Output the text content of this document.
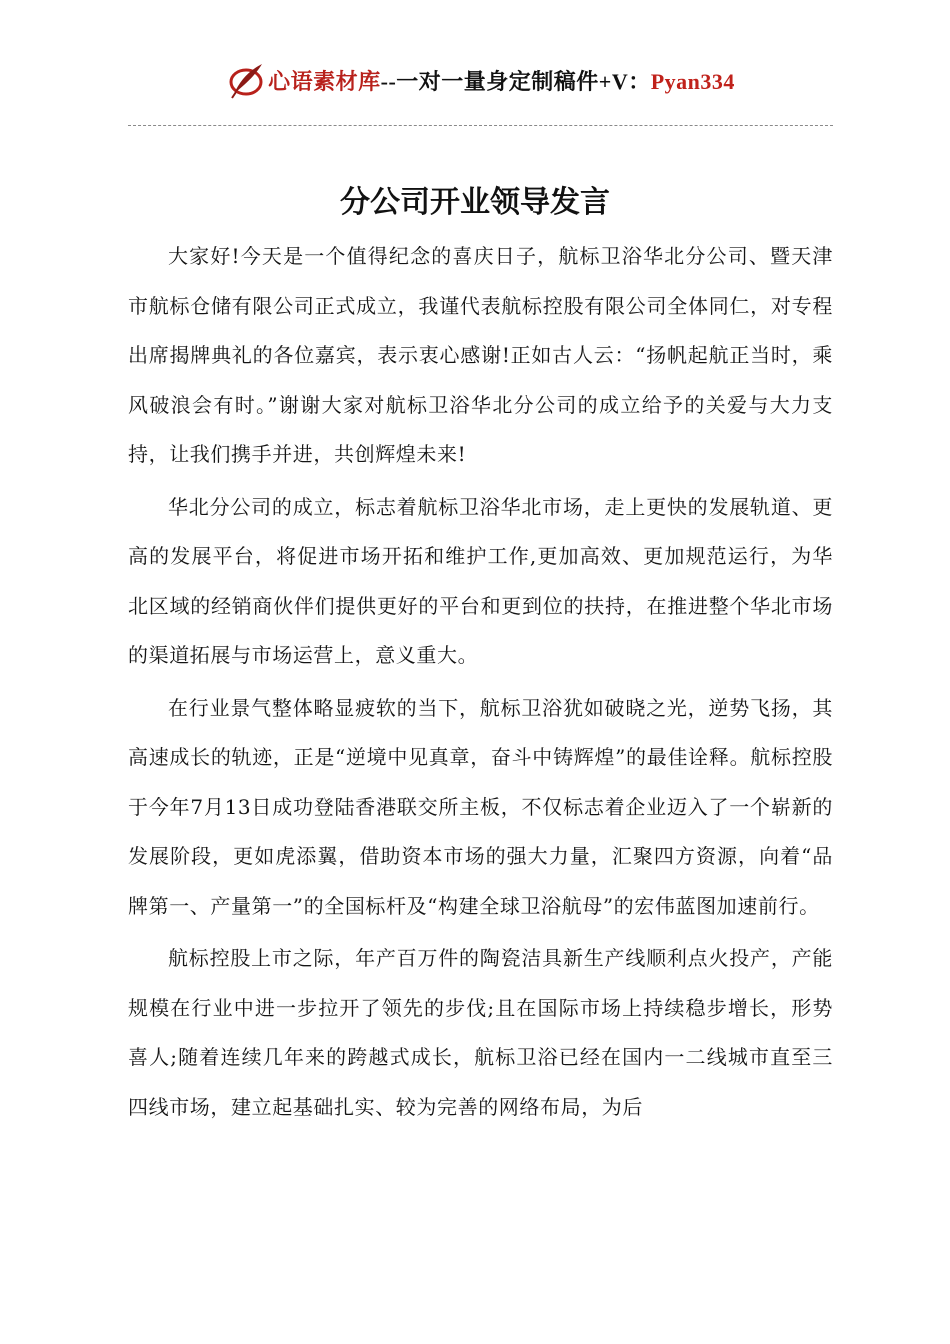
心语素材库--一对一量身定制稿件+V：Pyan334
分公司开业领导发言

大家好!今天是一个值得纪念的喜庆日子，航标卫浴华北分公司、暨天津市航标仓储有限公司正式成立，我谨代表航标控股有限公司全体同仁，对专程出席揭牌典礼的各位嘉宾，表示衷心感谢!正如古人云：“扬帆起航正当时，乘风破浪会有时。”谢谢大家对航标卫浴华北分公司的成立给予的关爱与大力支持，让我们携手并进，共创辉煌未来!

华北分公司的成立，标志着航标卫浴华北市场，走上更快的发展轨道、更高的发展平台，将促进市场开拓和维护工作,更加高效、更加规范运行，为华北区域的经销商伙伴们提供更好的平台和更到位的扶持，在推进整个华北市场的渠道拓展与市场运营上，意义重大。

在行业景气整体略显疲软的当下，航标卫浴犹如破晓之光，逆势飞扬，其高速成长的轨迹，正是“逆境中见真章，奋斗中铸辉煌”的最佳诠释。航标控股于今年7月13日成功登陆香港联交所主板，不仅标志着企业迈入了一个崭新的发展阶段，更如虎添翼，借助资本市场的强大力量，汇聚四方资源，向着“品牌第一、产量第一”的全国标杆及“构建全球卫浴航母”的宏伟蓝图加速前行。

航标控股上市之际，年产百万件的陶瓷洁具新生产线顺利点火投产，产能规模在行业中进一步拉开了领先的步伐;且在国际市场上持续稳步增长，形势喜人;随着连续几年来的跨越式成长，航标卫浴已经在国内一二线城市直至三四线市场，建立起基础扎实、较为完善的网络布局，为后
